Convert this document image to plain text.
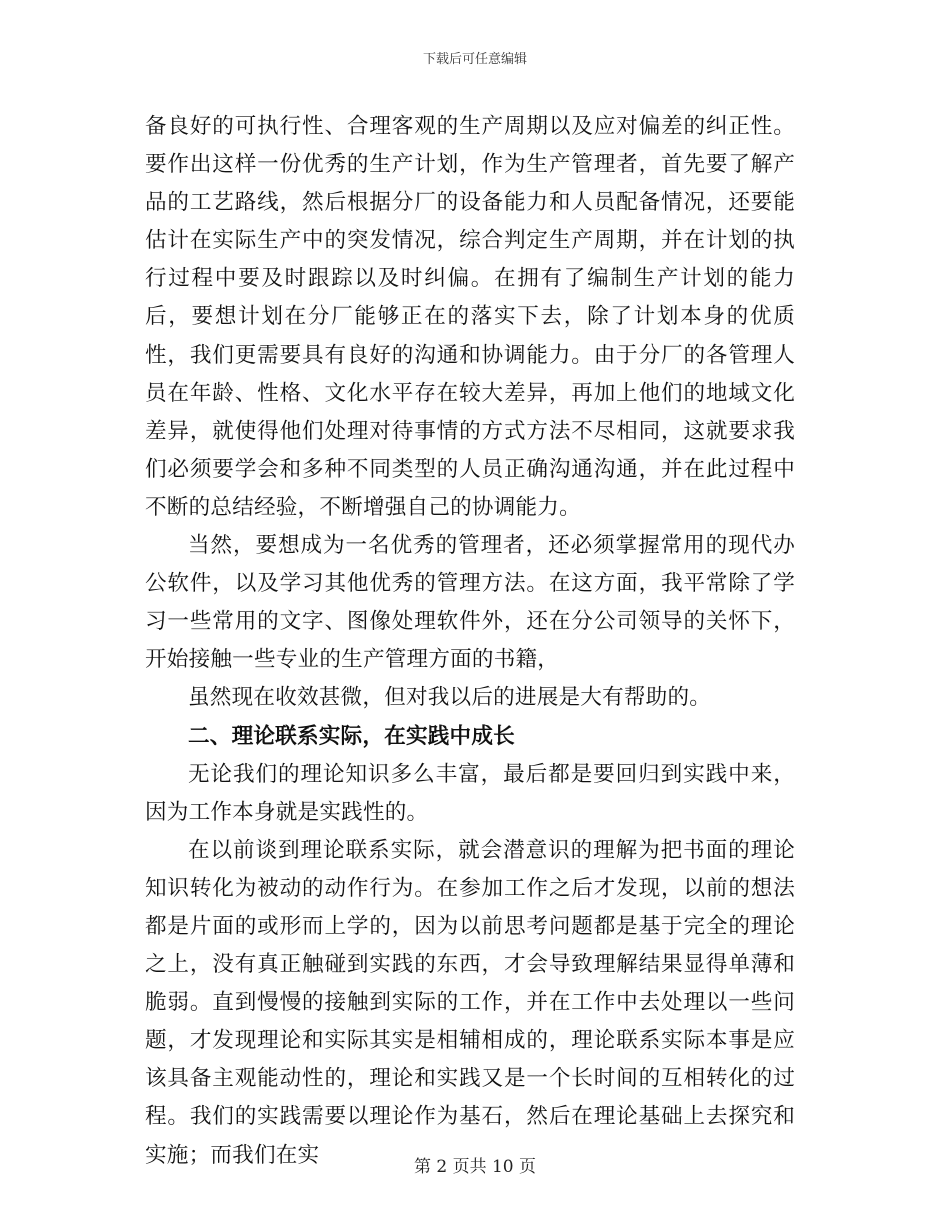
下载后可任意编辑

备良好的可执行性、合理客观的生产周期以及应对偏差的纠正性。要作出这样一份优秀的生产计划，作为生产管理者，首先要了解产品的工艺路线，然后根据分厂的设备能力和人员配备情况，还要能估计在实际生产中的突发情况，综合判定生产周期，并在计划的执行过程中要及时跟踪以及时纠偏。在拥有了编制生产计划的能力后，要想计划在分厂能够正在的落实下去，除了计划本身的优质性，我们更需要具有良好的沟通和协调能力。由于分厂的各管理人员在年龄、性格、文化水平存在较大差异，再加上他们的地域文化差异，就使得他们处理对待事情的方式方法不尽相同，这就要求我们必须要学会和多种不同类型的人员正确沟通沟通，并在此过程中不断的总结经验，不断增强自己的协调能力。

当然，要想成为一名优秀的管理者，还必须掌握常用的现代办公软件，以及学习其他优秀的管理方法。在这方面，我平常除了学习一些常用的文字、图像处理软件外，还在分公司领导的关怀下，开始接触一些专业的生产管理方面的书籍，

虽然现在收效甚微，但对我以后的进展是大有帮助的。

二、理论联系实际，在实践中成长

无论我们的理论知识多么丰富，最后都是要回归到实践中来，因为工作本身就是实践性的。

在以前谈到理论联系实际，就会潜意识的理解为把书面的理论知识转化为被动的动作行为。在参加工作之后才发现，以前的想法都是片面的或形而上学的，因为以前思考问题都是基于完全的理论之上，没有真正触碰到实践的东西，才会导致理解结果显得单薄和脆弱。直到慢慢的接触到实际的工作，并在工作中去处理以一些问题，才发现理论和实际其实是相辅相成的，理论联系实际本事是应该具备主观能动性的，理论和实践又是一个长时间的互相转化的过程。我们的实践需要以理论作为基石，然后在理论基础上去探究和实施；而我们在实	第 2 页共 10 页
